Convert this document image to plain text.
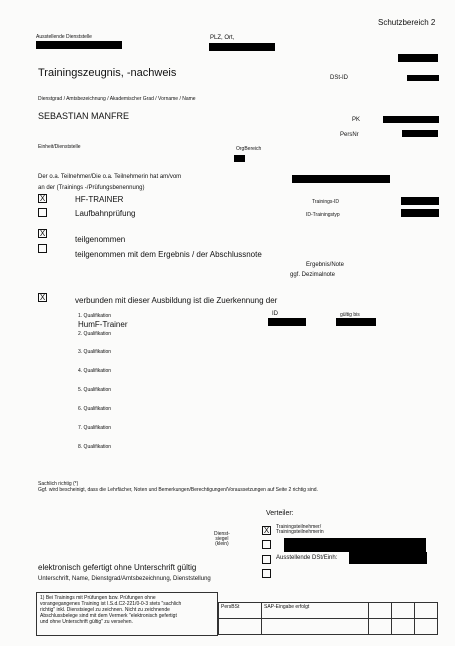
Schutzbereich 2
Ausstellende Dienststelle	PLZ, Ort,
Trainingszeugnis, -nachweis	DSt-ID
Dienstgrad / Amtsbezeichnung / Akademischer Grad / Vorname / Name
SEBASTIAN MANFRE	PK
PersNr
Einheit/Dienststelle	OrgBereich
Der o.a. Teilnehmer/Die o.a. Teilnehmerin hat am/vom
an der (Trainings -/Prüfungsbenennung)
X	HF-TRAINER	Trainings-ID
Laufbahnprüfung	ID-Trainingstyp
X
teilgenommen
teilgenommen mit dem Ergebnis / der Abschlussnote
Ergebnis/Note
ggf. Dezimalnote
X	verbunden mit dieser Ausbildung ist die Zuerkennung der
1. Qualifikation
HumF-Trainer
ID	gültig bis
2. Qualifikation
3. Qualifikation
4. Qualifikation
5. Qualifikation
6. Qualifikation
7. Qualifikation
8. Qualifikation
Sachlich richtig (*)
Ggf. wird bescheinigt, dass die Lehrfächer, Noten und Bemerkungen/Berechtigungen/Voraussetzungen auf Seite 2 richtig sind.
Verteiler:
Dienst-
siegel
(klein)
X	Trainingsteilnehmer/
Trainingsteilnehmerin
Ausstellende DSt/Einh:
elektronisch gefertigt ohne Unterschrift gültig
Unterschrift, Name, Dienstgrad/Amtsbezeichnung, Dienststellung
1) Bei Trainings mit Prüfungen bzw. Prüfungen ohne
vorangegangenes Training ist I.S.d.C2-221/0-0-3 stets "sachlich
richtig" inkl. Dienstsiegel zu zeichnen. Nicht zu zeichnende
Abschlussbelege sind mit dem Vermerk "elektronisch gefertigt
und ohne Unterschrift gültig" zu versehen.
PersBSt	SAP-Eingabe erfolgt			
